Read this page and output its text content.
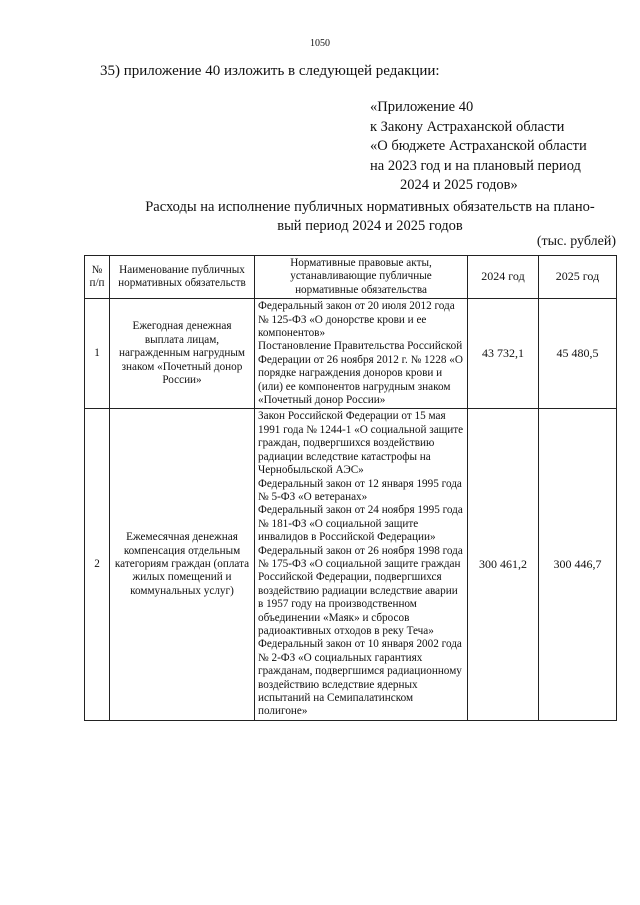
1050
35) приложение 40 изложить в следующей редакции:
«Приложение 40
к Закону Астраханской области
«О бюджете Астраханской области
на 2023 год и на плановый период
2024 и 2025 годов»
Расходы на исполнение публичных нормативных обязательств на плано-
вый период 2024 и 2025 годов
(тыс. рублей)
№ п/п	Наименование публичных нормативных обязательств	Нормативные правовые акты, устанавливающие публичные нормативные обязательства	2024 год	2025 год
1	Ежегодная денежная выплата лицам, награжденным нагрудным знаком «Почетный донор России»	Федеральный закон от 20 июля 2012 года № 125-ФЗ «О донорстве крови и ее компонентов»
Постановление Правительства Российской Федерации от 26 ноября 2012 г. № 1228 «О порядке награждения доноров крови и (или) ее компонентов нагрудным знаком «Почетный донор России»	43 732,1	45 480,5
2	Ежемесячная денежная компенсация отдельным категориям граждан (оплата жилых помещений и коммунальных услуг)	Закон Российской Федерации от 15 мая 1991 года № 1244-1 «О социальной защите граждан, подвергшихся воздействию радиации вследствие катастрофы на Чернобыльской АЭС»
Федеральный закон от 12 января 1995 года № 5-ФЗ «О ветеранах»
Федеральный закон от 24 ноября 1995 года № 181-ФЗ «О социальной защите инвалидов в Российской Федерации»
Федеральный закон от 26 ноября 1998 года № 175-ФЗ «О социальной защите граждан Российской Федерации, подвергшихся воздействию радиации вследствие аварии в 1957 году на производственном объединении «Маяк» и сбросов радиоактивных отходов в реку Теча»
Федеральный закон от 10 января 2002 года № 2-ФЗ «О социальных гарантиях гражданам, подвергшимся радиационному воздействию вследствие ядерных испытаний на Семипалатинском полигоне»	300 461,2	300 446,7
